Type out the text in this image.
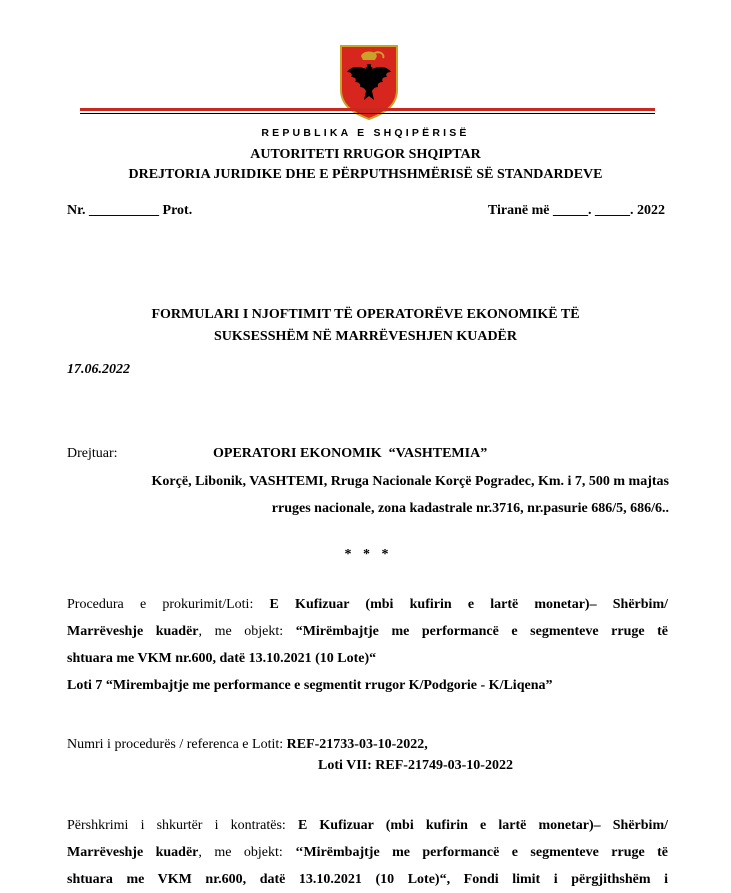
REPUBLIKA E SHQIPËRISË
AUTORITETI RRUGOR SHQIPTAR
DREJTORIA JURIDIKE DHE E PËRPUTHSHMËRISË SË STANDARDEVE
Nr. __________ Prot.	Tiranë më _____. _____. 2022
FORMULARI I NJOFTIMIT TË OPERATORËVE EKONOMIKË TË
SUKSESSHËM NË MARRËVESHJEN KUADËR
17.06.2022
Drejtuar:	OPERATORI EKONOMIK  “VASHTEMIA”
Korçë, Libonik, VASHTEMI, Rruga Nacionale Korçë Pogradec, Km. i 7, 500 m majtas
rruges nacionale, zona kadastrale nr.3716, nr.pasurie 686/5, 686/6..
* * *
Procedura e prokurimit/Loti: E Kufizuar (mbi kufirin e lartë monetar)– Shërbim/
Marrëveshje kuadër, me objekt: “Mirëmbajtje me performancë e segmenteve rruge të
shtuara me VKM nr.600, datë 13.10.2021 (10 Lote)“
Loti 7 “Mirembajtje me performance e segmentit rrugor K/Podgorie - K/Liqena”
Numri i procedurës / referenca e Lotit: REF-21733-03-10-2022,
Loti VII: REF-21749-03-10-2022
Përshkrimi i shkurtër i kontratës: E Kufizuar (mbi kufirin e lartë monetar)– Shërbim/
Marrëveshje kuadër, me objekt: ‘‘Mirëmbajtje me performancë e segmenteve rruge të
shtuara me VKM nr.600, datë 13.10.2021 (10 Lote)“, Fondi limit i përgjithshëm i
